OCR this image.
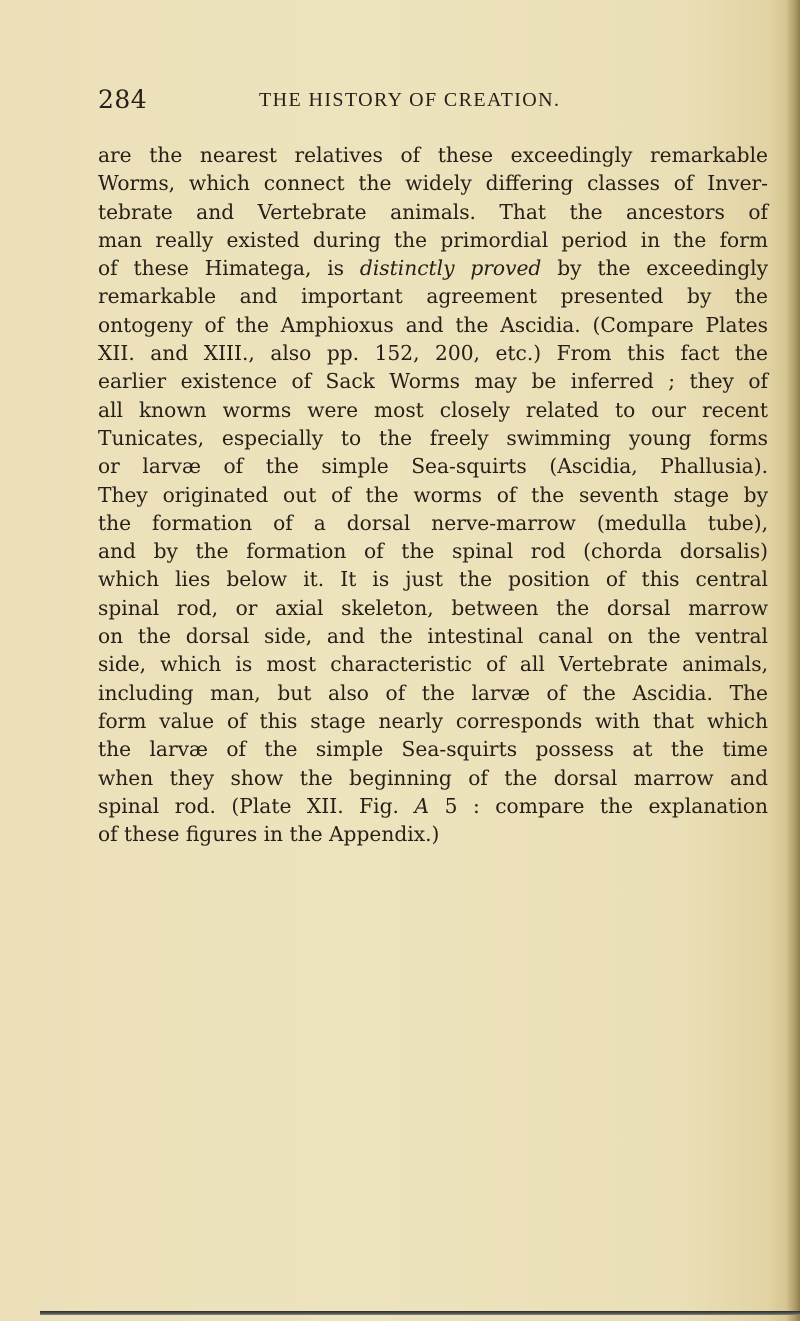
284	THE HISTORY OF CREATION.
are the nearest relatives of these exceedingly remarkable
Worms, which connect the widely differing classes of Inver-
tebrate and Vertebrate animals. That the ancestors of
man really existed during the primordial period in the form
of these Himatega, is distinctly proved by the exceedingly
remarkable and important agreement presented by the
ontogeny of the Amphioxus and the Ascidia. (Compare Plates
XII. and XIII., also pp. 152, 200, etc.) From this fact the
earlier existence of Sack Worms may be inferred ; they of
all known worms were most closely related to our recent
Tunicates, especially to the freely swimming young forms
or larvæ of the simple Sea-squirts (Ascidia, Phallusia).
They originated out of the worms of the seventh stage by
the formation of a dorsal nerve-marrow (medulla tube),
and by the formation of the spinal rod (chorda dorsalis)
which lies below it. It is just the position of this central
spinal rod, or axial skeleton, between the dorsal marrow
on the dorsal side, and the intestinal canal on the ventral
side, which is most characteristic of all Vertebrate animals,
including man, but also of the larvæ of the Ascidia. The
form value of this stage nearly corresponds with that which
the larvæ of the simple Sea-squirts possess at the time
when they show the beginning of the dorsal marrow and
spinal rod. (Plate XII. Fig. A 5 : compare the explanation
of these figures in the Appendix.)
